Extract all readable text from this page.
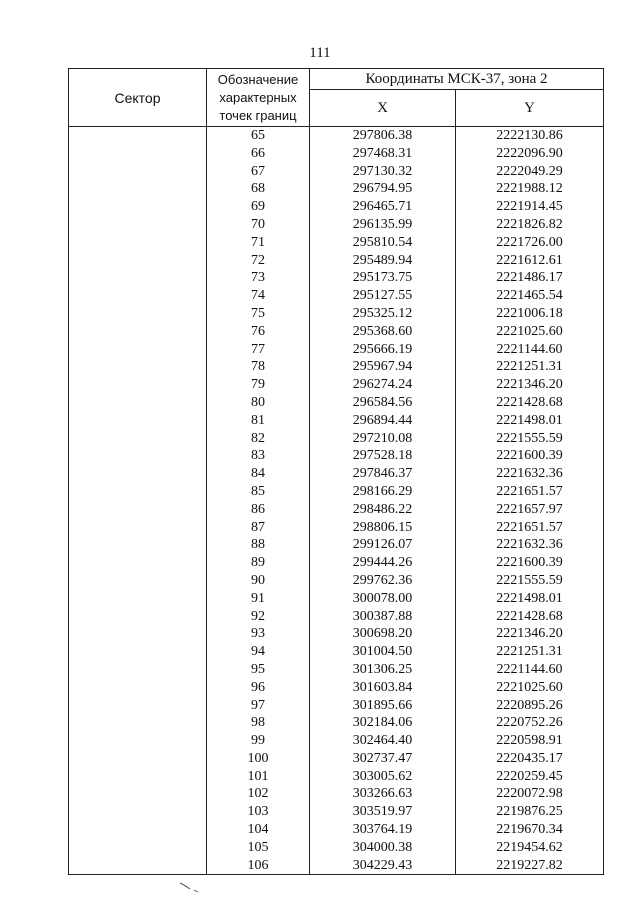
111
Сектор	Обозначение характерных точек границ	Координаты МСК-37, зона 2	
		X	Y
	65	297806.38	2222130.86
	66	297468.31	2222096.90
	67	297130.32	2222049.29
	68	296794.95	2221988.12
	69	296465.71	2221914.45
	70	296135.99	2221826.82
	71	295810.54	2221726.00
	72	295489.94	2221612.61
	73	295173.75	2221486.17
	74	295127.55	2221465.54
	75	295325.12	2221006.18
	76	295368.60	2221025.60
	77	295666.19	2221144.60
	78	295967.94	2221251.31
	79	296274.24	2221346.20
	80	296584.56	2221428.68
	81	296894.44	2221498.01
	82	297210.08	2221555.59
	83	297528.18	2221600.39
	84	297846.37	2221632.36
	85	298166.29	2221651.57
	86	298486.22	2221657.97
	87	298806.15	2221651.57
	88	299126.07	2221632.36
	89	299444.26	2221600.39
	90	299762.36	2221555.59
	91	300078.00	2221498.01
	92	300387.88	2221428.68
	93	300698.20	2221346.20
	94	301004.50	2221251.31
	95	301306.25	2221144.60
	96	301603.84	2221025.60
	97	301895.66	2220895.26
	98	302184.06	2220752.26
	99	302464.40	2220598.91
	100	302737.47	2220435.17
	101	303005.62	2220259.45
	102	303266.63	2220072.98
	103	303519.97	2219876.25
	104	303764.19	2219670.34
	105	304000.38	2219454.62
	106	304229.43	2219227.82
